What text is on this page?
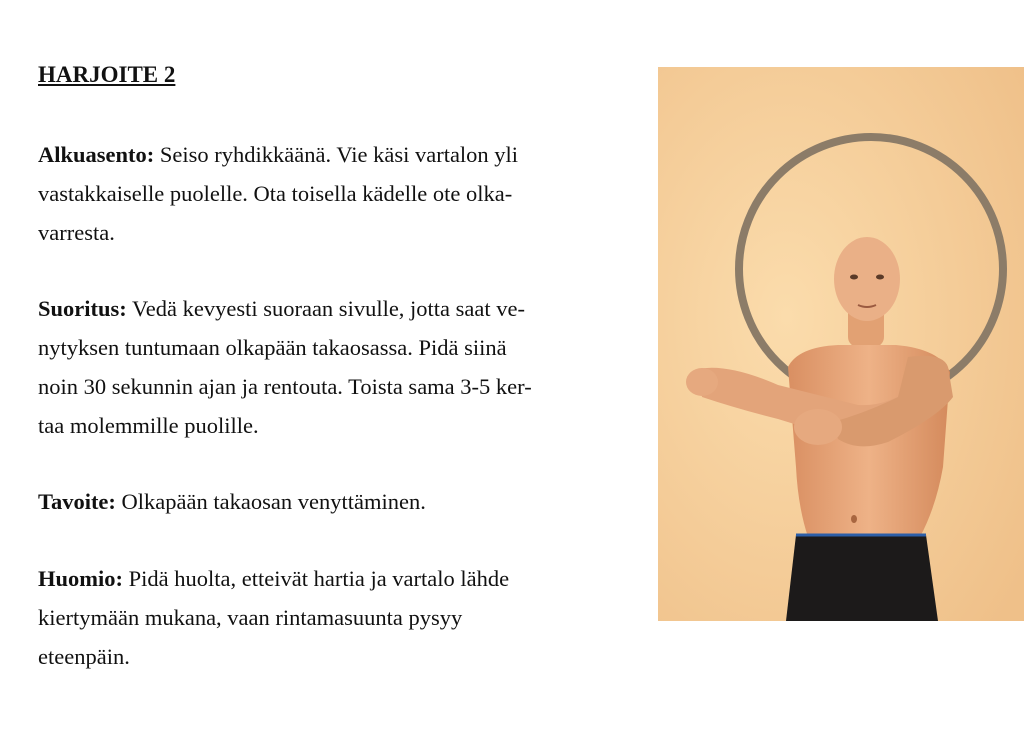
HARJOITE 2

Alkuasento: Seiso ryhdikkäänä. Vie käsi vartalon yli
vastakkaiselle puolelle. Ota toisella kädelle ote olka-
varresta.

Suoritus: Vedä kevyesti suoraan sivulle, jotta saat ve-
nytyksen tuntumaan olkapään takaosassa. Pidä siinä
noin 30 sekunnin ajan ja rentouta. Toista sama 3-5 ker-
taa molemmille puolille.

Tavoite: Olkapään takaosan venyttäminen.

Huomio: Pidä huolta, etteivät hartia ja vartalo lähde
kiertymään mukana, vaan rintamasuunta pysyy
eteenpäin.
